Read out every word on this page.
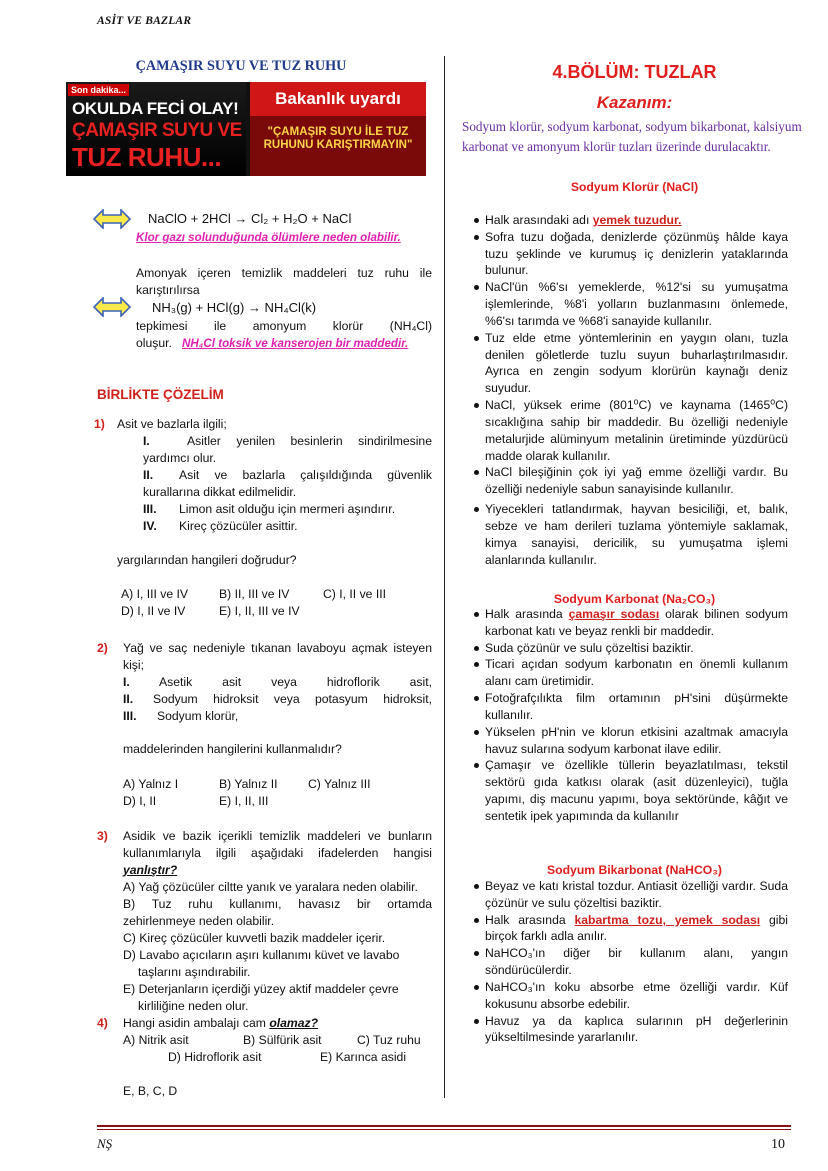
ASİT VE BAZLAR
ÇAMAŞIR SUYU VE TUZ RUHU
Son dakika...
OKULDA FECİ OLAY!
ÇAMAŞIR SUYU VE
TUZ RUHU...
Bakanlık uyardı
"ÇAMAŞIR SUYU İLE TUZ RUHUNU KARIŞTIRMAYIN"
NaClO + 2HCl → Cl₂ + H₂O + NaCl
Klor gazı solunduğunda ölümlere neden olabilir.
Amonyak içeren temizlik maddeleri tuz ruhu ile karıştırılırsa
NH₃(g) + HCl(g) → NH₄Cl(k)
tepkimesi ile amonyum klorür (NH₄Cl)
oluşur. NH₄Cl toksik ve kanserojen bir maddedir.
BİRLİKTE ÇÖZELİM
1) Asit ve bazlarla ilgili;
I.	Asitler yenilen besinlerin sindirilmesine
yardımcı olur.
II. Asit ve bazlarla çalışıldığında güvenlik
kurallarına dikkat edilmelidir.
III. Limon asit olduğu için mermeri aşındırır.
IV. Kireç çözücüler asittir.
yargılarından hangileri doğrudur?
A) I, III ve IV	B) II, III ve IV	C) I, II ve III
D) I, II ve IV	E) I, II, III ve IV
2) Yağ ve saç nedeniyle tıkanan lavaboyu açmak isteyen
kişi;
I. Asetik asit veya hidroflorik asit,
II. Sodyum hidroksit veya potasyum hidroksit,
III. Sodyum klorür,
maddelerinden hangilerini kullanmalıdır?
A) Yalnız I	B) Yalnız II	C) Yalnız III
D) I, II	E) I, II, III
3) Asidik ve bazik içerikli temizlik maddeleri ve bunların
kullanımlarıyla ilgili aşağıdaki ifadelerden hangisi
yanlıştır?
A) Yağ çözücüler ciltte yanık ve yaralara neden olabilir.
B) Tuz ruhu kullanımı, havasız bir ortamda
zehirlenmeye neden olabilir.
C) Kireç çözücüler kuvvetli bazik maddeler içerir.
D) Lavabo açıcıların aşırı kullanımı küvet ve lavabo
taşlarını aşındırabilir.
E) Deterjanların içerdiği yüzey aktif maddeler çevre
kirliliğine neden olur.
4) Hangi asidin ambalajı cam olamaz?
A) Nitrik asit	B) Sülfürik asit	C) Tuz ruhu
D) Hidroflorik asit	E) Karınca asidi
E, B, C, D
4.BÖLÜM: TUZLAR
Kazanım:
Sodyum klorür, sodyum karbonat, sodyum bikarbonat, kalsiyum karbonat ve amonyum klorür tuzları üzerinde durulacaktır.
Sodyum Klorür (NaCl)
Halk arasındaki adı yemek tuzudur.
Sofra tuzu doğada, denizlerde çözünmüş hâlde kaya tuzu şeklinde ve kurumuş iç denizlerin yataklarında bulunur.
NaCl'ün %6'sı yemeklerde, %12'si su yumuşatma işlemlerinde, %8'i yolların buzlanmasını önlemede, %6'sı tarımda ve %68'i sanayide kullanılır.
Tuz elde etme yöntemlerinin en yaygın olanı, tuzla denilen göletlerde tuzlu suyun buharlaştırılmasıdır. Ayrıca en zengin sodyum klorürün kaynağı deniz suyudur.
NaCl, yüksek erime (801$^o$C) ve kaynama (1465$^o$C) sıcaklığına sahip bir maddedir. Bu özelliği nedeniyle metalurjide alüminyum metalinin üretiminde yüzdürücü madde olarak kullanılır.
NaCl bileşiğinin çok iyi yağ emme özelliği vardır. Bu özelliği nedeniyle sabun sanayisinde kullanılır.
Yiyecekleri tatlandırmak, hayvan besiciliği, et, balık, sebze ve ham derileri tuzlama yöntemiyle saklamak, kimya sanayisi, dericilik, su yumuşatma işlemi alanlarında kullanılır.
Sodyum Karbonat (Na₂CO₃)
Halk arasında çamaşır sodası olarak bilinen sodyum karbonat katı ve beyaz renkli bir maddedir.
Suda çözünür ve sulu çözeltisi baziktir.
Ticari açıdan sodyum karbonatın en önemli kullanım alanı cam üretimidir.
Fotoğrafçılıkta film ortamının pH'sini düşürmekte kullanılır.
Yükselen pH'nin ve klorun etkisini azaltmak amacıyla havuz sularına sodyum karbonat ilave edilir.
Çamaşır ve özellikle tüllerin beyazlatılması, tekstil sektörü gıda katkısı olarak (asit düzenleyici), tuğla yapımı, diş macunu yapımı, boya sektöründe, kâğıt ve sentetik ipek yapımında da kullanılır
Sodyum Bikarbonat (NaHCO₃)
Beyaz ve katı kristal tozdur. Antiasit özelliği vardır. Suda çözünür ve sulu çözeltisi baziktir.
Halk arasında kabartma tozu, yemek sodası gibi birçok farklı adla anılır.
NaHCO₃'ın diğer bir kullanım alanı, yangın söndürücülerdir.
NaHCO₃'ın koku absorbe etme özelliği vardır. Küf kokusunu absorbe edebilir.
Havuz ya da kaplıca sularının pH değerlerinin yükseltilmesinde yararlanılır.
NŞ	10
